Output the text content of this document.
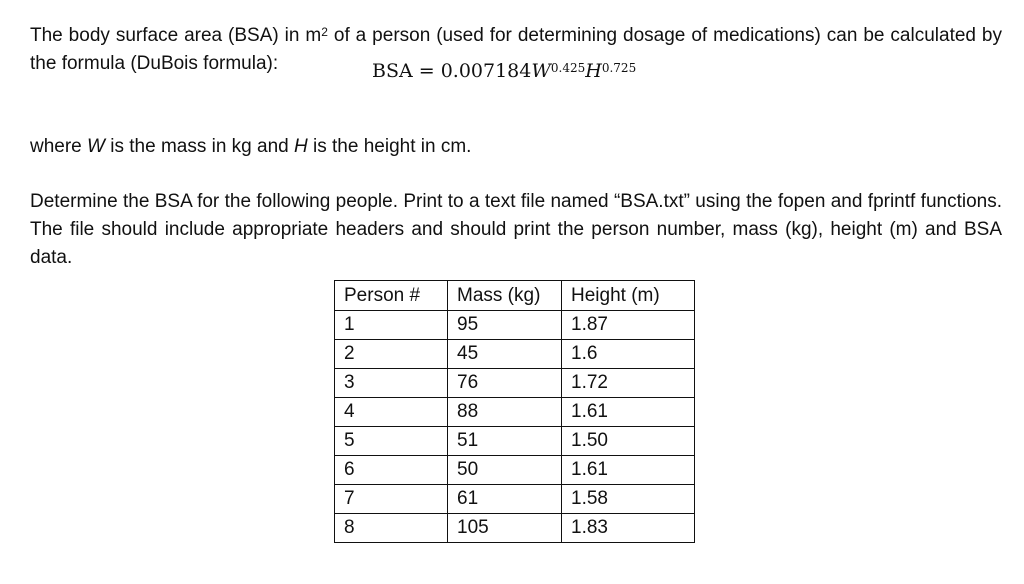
The body surface area (BSA) in $m^2$ of a person (used for determining dosage of medications) can be calculated by the formula (DuBois formula):	BSA = $0.007184W^{0.425}H^{0.725}$

where W is the mass in kg and H is the height in cm.

Determine the BSA for the following people. Print to a text file named “BSA.txt” using the fopen and fprintf functions. The file should include appropriate headers and should print the person number, mass (kg), height (m) and BSA data.

Person #	Mass (kg)	Height (m)
1	95	1.87
2	45	1.6
3	76	1.72
4	88	1.61
5	51	1.50
6	50	1.61
7	61	1.58
8	105	1.83
